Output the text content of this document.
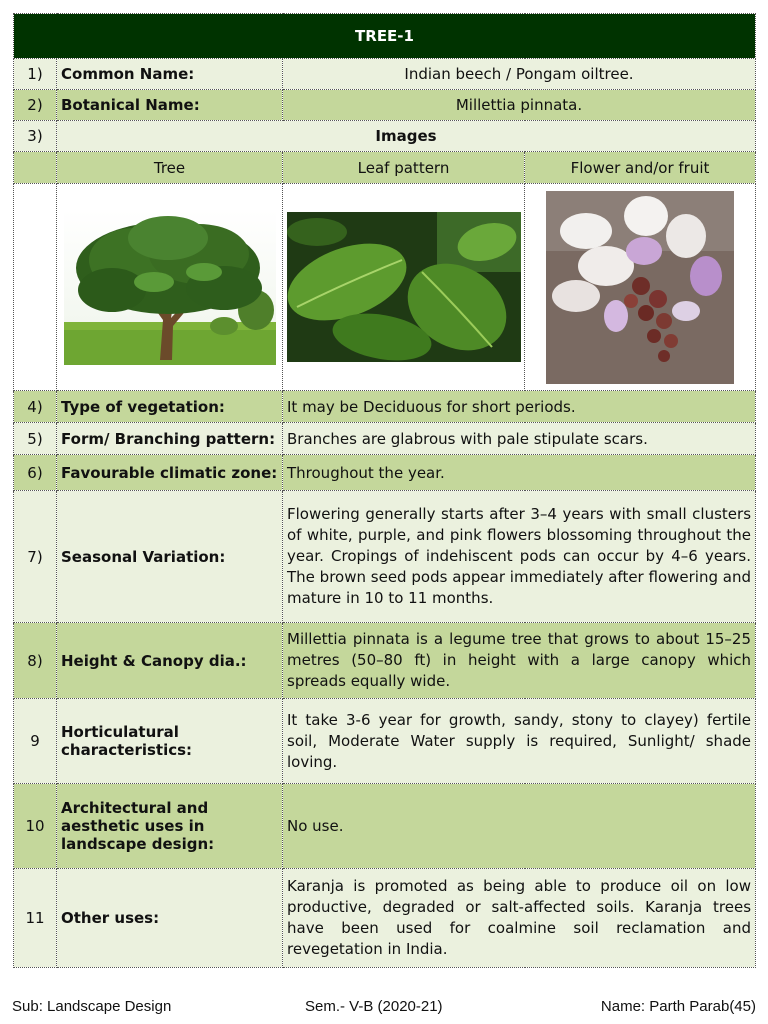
TREE-1			
1)	Common Name:	Indian beech / Pongam oiltree.	
2)	Botanical Name:	Millettia pinnata.	
3)	Images		
	Tree	Leaf pattern	Flower and/or fruit

4)	Type of vegetation:	It may be Deciduous for short periods.	
5)	Form/ Branching pattern:	Branches are glabrous with pale stipulate scars.	
6)	Favourable climatic zone:	Throughout the year.	
7)	Seasonal Variation:	Flowering generally starts after 3–4 years with small clusters of white, purple, and pink flowers blossoming throughout the year. Cropings of indehiscent pods can occur by 4–6 years. The brown seed pods appear immediately after flowering and mature in 10 to 11 months.	
8)	Height & Canopy dia.:	Millettia pinnata is a legume tree that grows to about 15–25 metres (50–80 ft) in height with a large canopy which spreads equally wide.	
9	Horticulatural characteristics:	It take 3-6 year for growth, sandy, stony to clayey) fertile soil, Moderate Water supply is required, Sunlight/ shade loving.	
10	Architectural and aesthetic uses in landscape design:	No use.	
11	Other uses:	Karanja is promoted as being able to produce oil on low productive, degraded or salt-affected soils. Karanja trees have been used for coalmine soil reclamation and revegetation in India.	
Sub: Landscape Design	Sem.- V-B (2020-21)	Name: Parth Parab(45)
